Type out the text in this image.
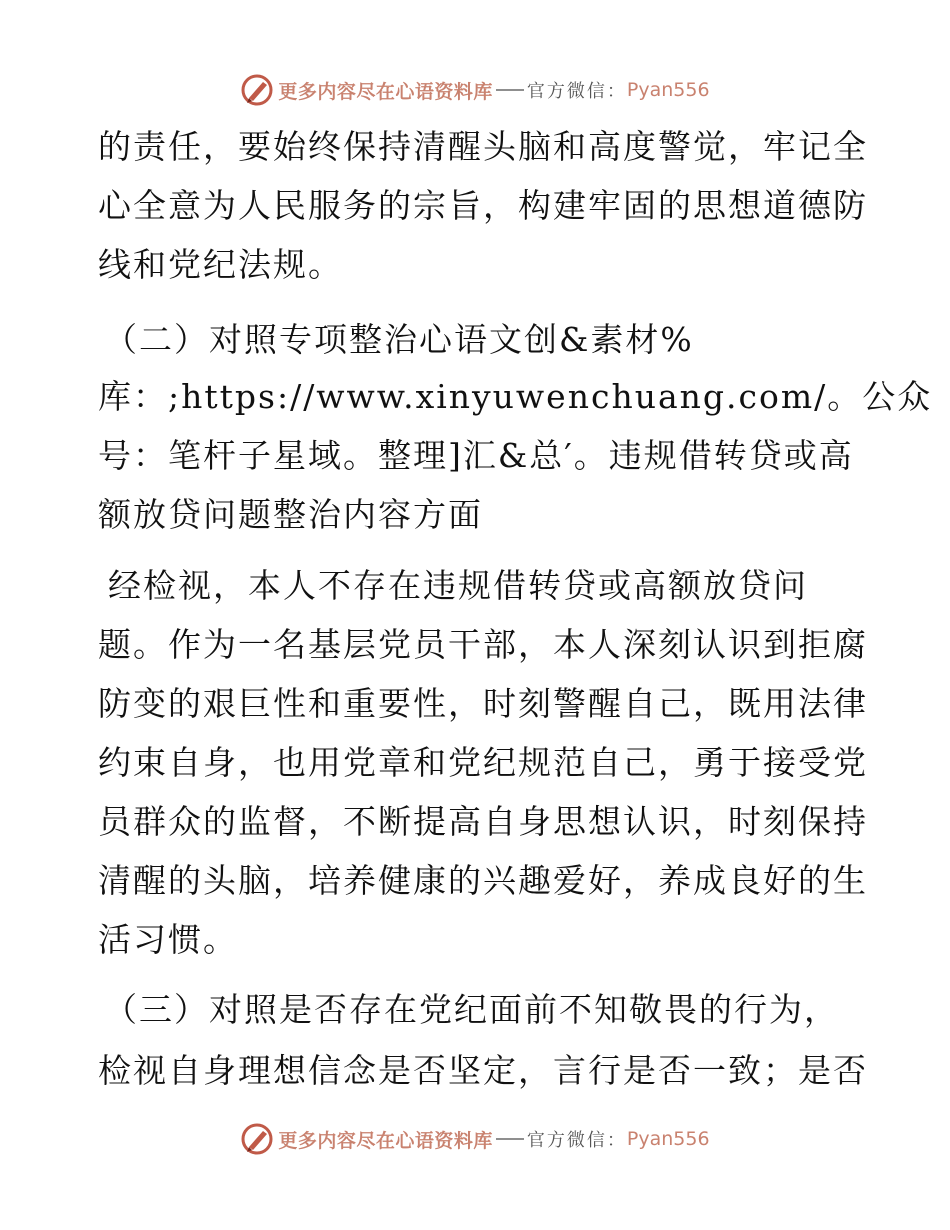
更多内容尽在心语资料库 官方微信： Pyan556
的责任，要始终保持清醒头脑和高度警觉，牢记全
心全意为人民服务的宗旨，构建牢固的思想道德防
线和党纪法规。
（二）对照专项整治心语文创&素材%
库：;https://www.xinyuwenchuang.com/。公众
号：笔杆子星域。整理]汇&总′。违规借转贷或高
额放贷问题整治内容方面
经检视，本人不存在违规借转贷或高额放贷问
题。作为一名基层党员干部，本人深刻认识到拒腐
防变的艰巨性和重要性，时刻警醒自己，既用法律
约束自身，也用党章和党纪规范自己，勇于接受党
员群众的监督，不断提高自身思想认识，时刻保持
清醒的头脑，培养健康的兴趣爱好，养成良好的生
活习惯。
（三）对照是否存在党纪面前不知敬畏的行为，
检视自身理想信念是否坚定，言行是否一致；是否
更多内容尽在心语资料库 官方微信： Pyan556
